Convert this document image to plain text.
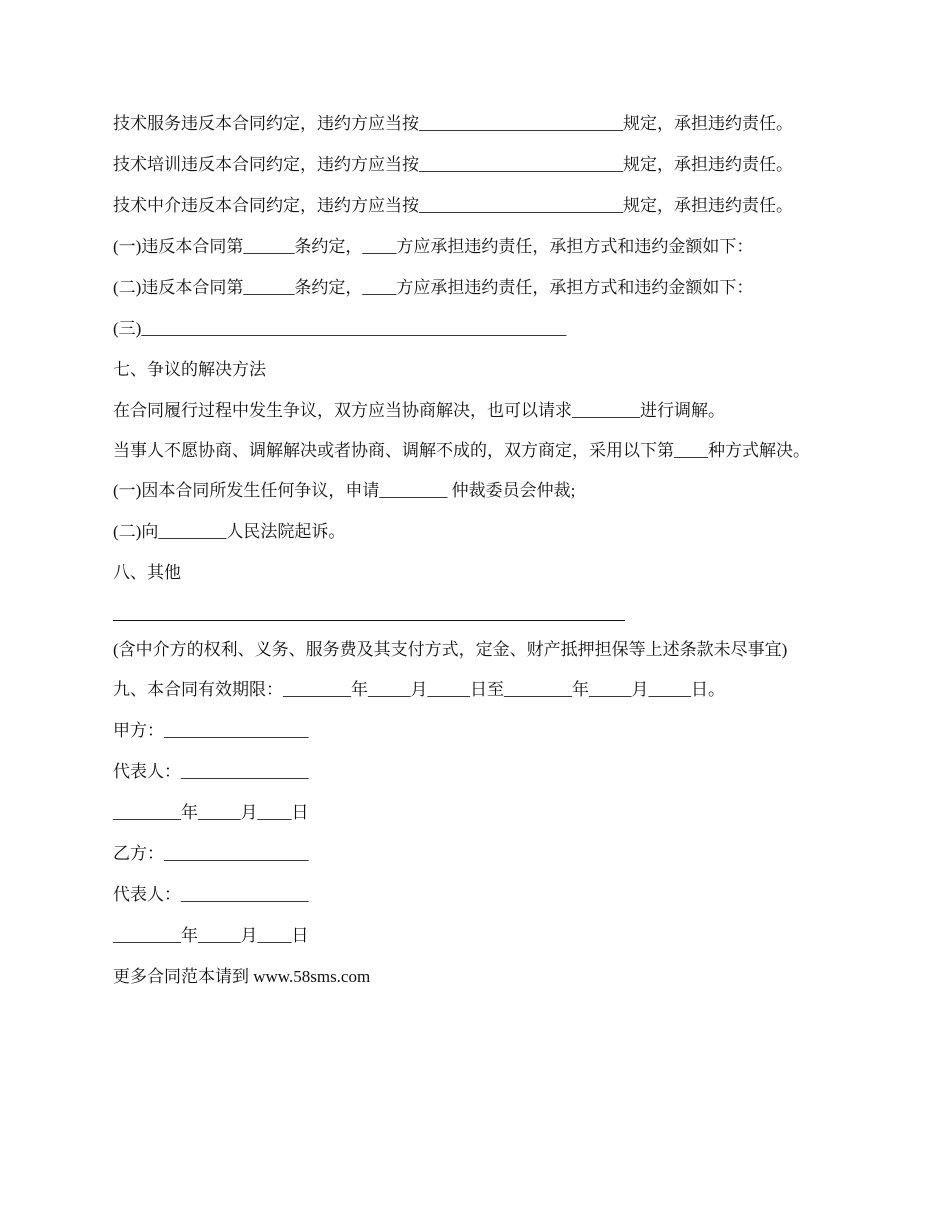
技术服务违反本合同约定，违约方应当按________________________规定，承担违约责任。
技术培训违反本合同约定，违约方应当按________________________规定，承担违约责任。
技术中介违反本合同约定，违约方应当按________________________规定，承担违约责任。
(一)违反本合同第______条约定，____方应承担违约责任，承担方式和违约金额如下：
(二)违反本合同第______条约定，____方应承担违约责任，承担方式和违约金额如下：
(三)__________________________________________________
七、争议的解决方法
在合同履行过程中发生争议，双方应当协商解决，也可以请求________进行调解。
当事人不愿协商、调解解决或者协商、调解不成的，双方商定，采用以下第____种方式解决。
(一)因本合同所发生任何争议，申请________ 仲裁委员会仲裁;
(二)向________人民法院起诉。
八、其他
(含中介方的权利、义务、服务费及其支付方式，定金、财产抵押担保等上述条款未尽事宜)
九、本合同有效期限：________年_____月_____日至________年_____月_____日。
甲方：_________________
代表人：_______________
________年_____月____日
乙方：_________________
代表人：_______________
________年_____月____日
更多合同范本请到 www.58sms.com
